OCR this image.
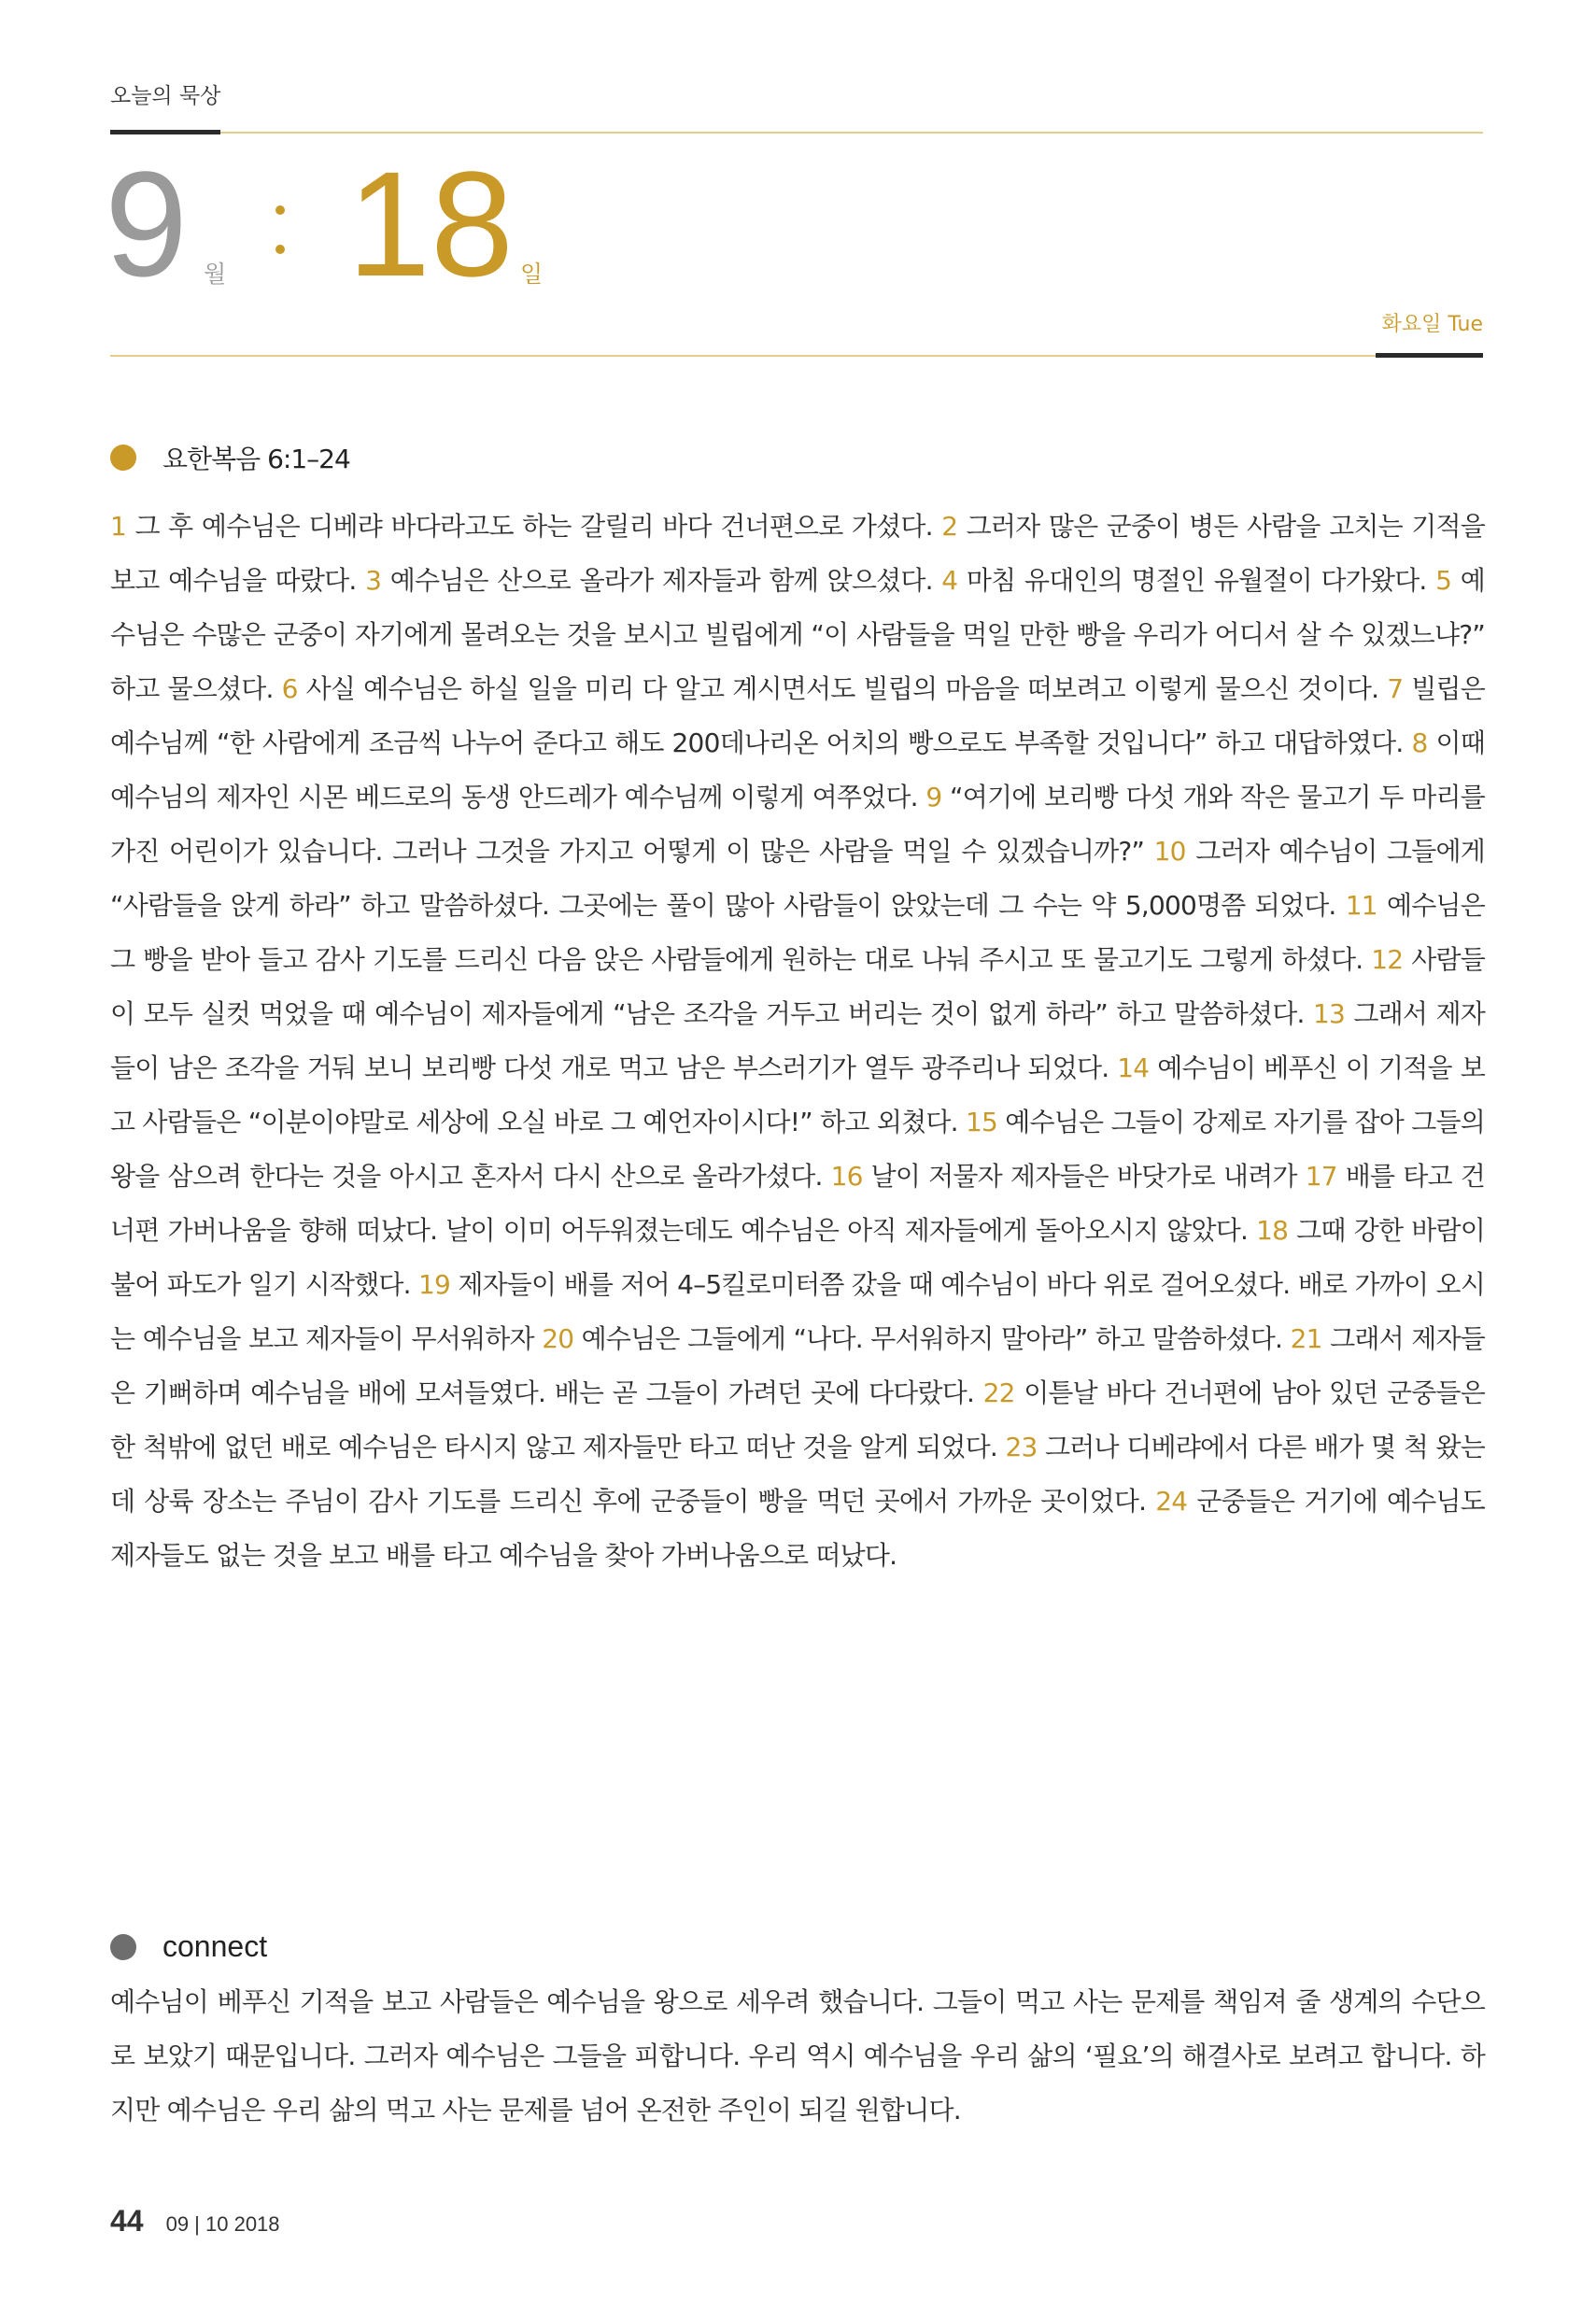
오늘의 묵상
9 월 18 일
화요일 Tue
요한복음 6:1–24
1 그 후 예수님은 디베랴 바다라고도 하는 갈릴리 바다 건너편으로 가셨다. 2 그러자 많은 군중이 병든 사람을 고치는 기적을 보고 예수님을 따랐다. 3 예수님은 산으로 올라가 제자들과 함께 앉으셨다. 4 마침 유대인의 명절인 유월절이 다가왔다. 5 예수님은 수많은 군중이 자기에게 몰려오는 것을 보시고 빌립에게 “이 사람들을 먹일 만한 빵을 우리가 어디서 살 수 있겠느냐?” 하고 물으셨다. 6 사실 예수님은 하실 일을 미리 다 알고 계시면서도 빌립의 마음을 떠보려고 이렇게 물으신 것이다. 7 빌립은 예수님께 “한 사람에게 조금씩 나누어 준다고 해도 200데나리온 어치의 빵으로도 부족할 것입니다” 하고 대답하였다. 8 이때 예수님의 제자인 시몬 베드로의 동생 안드레가 예수님께 이렇게 여쭈었다. 9 “여기에 보리빵 다섯 개와 작은 물고기 두 마리를 가진 어린이가 있습니다. 그러나 그것을 가지고 어떻게 이 많은 사람을 먹일 수 있겠습니까?” 10 그러자 예수님이 그들에게 “사람들을 앉게 하라” 하고 말씀하셨다. 그곳에는 풀이 많아 사람들이 앉았는데 그 수는 약 5,000명쯤 되었다. 11 예수님은 그 빵을 받아 들고 감사 기도를 드리신 다음 앉은 사람들에게 원하는 대로 나눠 주시고 또 물고기도 그렇게 하셨다. 12 사람들이 모두 실컷 먹었을 때 예수님이 제자들에게 “남은 조각을 거두고 버리는 것이 없게 하라” 하고 말씀하셨다. 13 그래서 제자들이 남은 조각을 거둬 보니 보리빵 다섯 개로 먹고 남은 부스러기가 열두 광주리나 되었다. 14 예수님이 베푸신 이 기적을 보고 사람들은 “이분이야말로 세상에 오실 바로 그 예언자이시다!” 하고 외쳤다. 15 예수님은 그들이 강제로 자기를 잡아 그들의 왕을 삼으려 한다는 것을 아시고 혼자서 다시 산으로 올라가셨다. 16 날이 저물자 제자들은 바닷가로 내려가 17 배를 타고 건너편 가버나움을 향해 떠났다. 날이 이미 어두워졌는데도 예수님은 아직 제자들에게 돌아오시지 않았다. 18 그때 강한 바람이 불어 파도가 일기 시작했다. 19 제자들이 배를 저어 4–5킬로미터쯤 갔을 때 예수님이 바다 위로 걸어오셨다. 배로 가까이 오시는 예수님을 보고 제자들이 무서워하자 20 예수님은 그들에게 “나다. 무서워하지 말아라” 하고 말씀하셨다. 21 그래서 제자들은 기뻐하며 예수님을 배에 모셔들였다. 배는 곧 그들이 가려던 곳에 다다랐다. 22 이튿날 바다 건너편에 남아 있던 군중들은 한 척밖에 없던 배로 예수님은 타시지 않고 제자들만 타고 떠난 것을 알게 되었다. 23 그러나 디베랴에서 다른 배가 몇 척 왔는데 상륙 장소는 주님이 감사 기도를 드리신 후에 군중들이 빵을 먹던 곳에서 가까운 곳이었다. 24 군중들은 거기에 예수님도 제자들도 없는 것을 보고 배를 타고 예수님을 찾아 가버나움으로 떠났다.
connect
예수님이 베푸신 기적을 보고 사람들은 예수님을 왕으로 세우려 했습니다. 그들이 먹고 사는 문제를 책임져 줄 생계의 수단으로 보았기 때문입니다. 그러자 예수님은 그들을 피합니다. 우리 역시 예수님을 우리 삶의 ‘필요’의 해결사로 보려고 합니다. 하지만 예수님은 우리 삶의 먹고 사는 문제를 넘어 온전한 주인이 되길 원합니다.
44 09 | 10 2018
